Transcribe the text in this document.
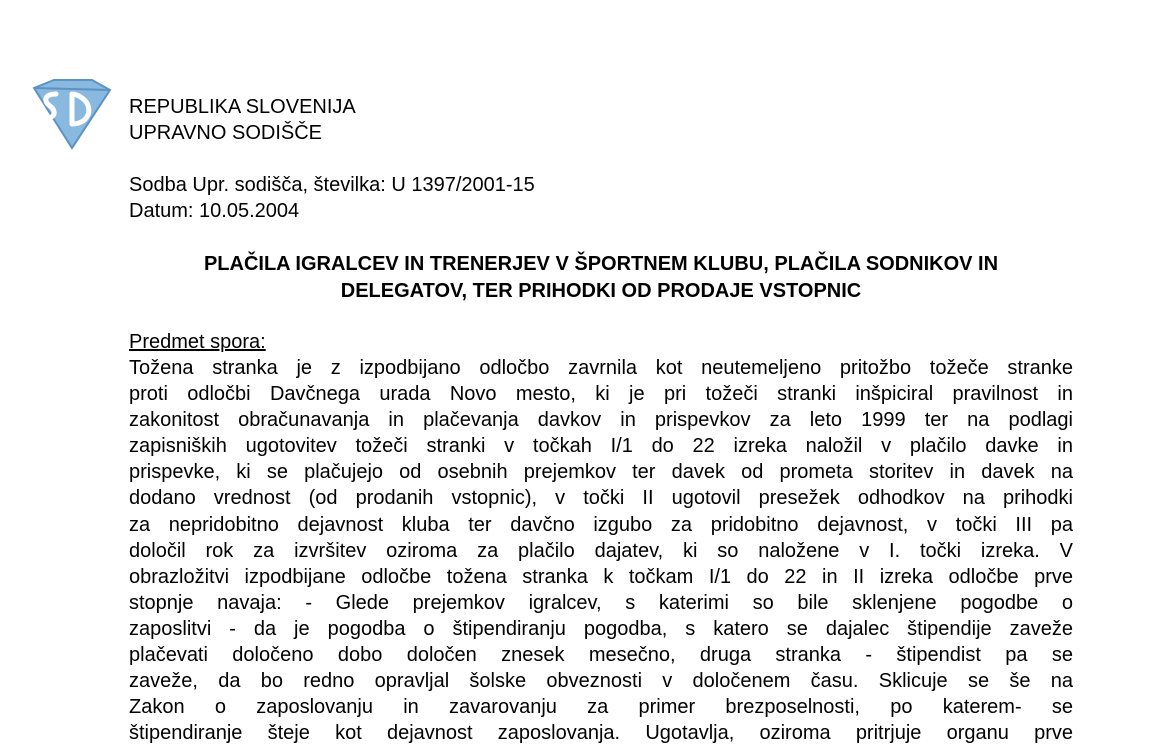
REPUBLIKA SLOVENIJA
UPRAVNO SODIŠČE
Sodba Upr. sodišča, številka: U 1397/2001-15
Datum: 10.05.2004
PLAČILA IGRALCEV IN TRENERJEV V ŠPORTNEM KLUBU, PLAČILA SODNIKOV IN
DELEGATOV, TER PRIHODKI OD PRODAJE VSTOPNIC
Predmet spora:
Tožena stranka je z izpodbijano odločbo zavrnila kot neutemeljeno pritožbo tožeče stranke
proti odločbi Davčnega urada Novo mesto, ki je pri tožeči stranki inšpiciral pravilnost in
zakonitost obračunavanja in plačevanja davkov in prispevkov za leto 1999 ter na podlagi
zapisniških ugotovitev tožeči stranki v točkah I/1 do 22 izreka naložil v plačilo davke in
prispevke, ki se plačujejo od osebnih prejemkov ter davek od prometa storitev in davek na
dodano vrednost (od prodanih vstopnic), v točki II ugotovil presežek odhodkov na prihodki
za nepridobitno dejavnost kluba ter davčno izgubo za pridobitno dejavnost, v točki III pa
določil rok za izvršitev oziroma za plačilo dajatev, ki so naložene v I. točki izreka. V
obrazložitvi izpodbijane odločbe tožena stranka k točkam I/1 do 22 in II izreka odločbe prve
stopnje navaja: - Glede prejemkov igralcev, s katerimi so bile sklenjene pogodbe o
zaposlitvi - da je pogodba o štipendiranju pogodba, s katero se dajalec štipendije zaveže
plačevati določeno dobo določen znesek mesečno, druga stranka - štipendist pa se
zaveže, da bo redno opravljal šolske obveznosti v določenem času. Sklicuje se še na
Zakon o zaposlovanju in zavarovanju za primer brezposelnosti, po katerem- se
štipendiranje šteje kot dejavnost zaposlovanja. Ugotavlja, oziroma pritrjuje organu prve
